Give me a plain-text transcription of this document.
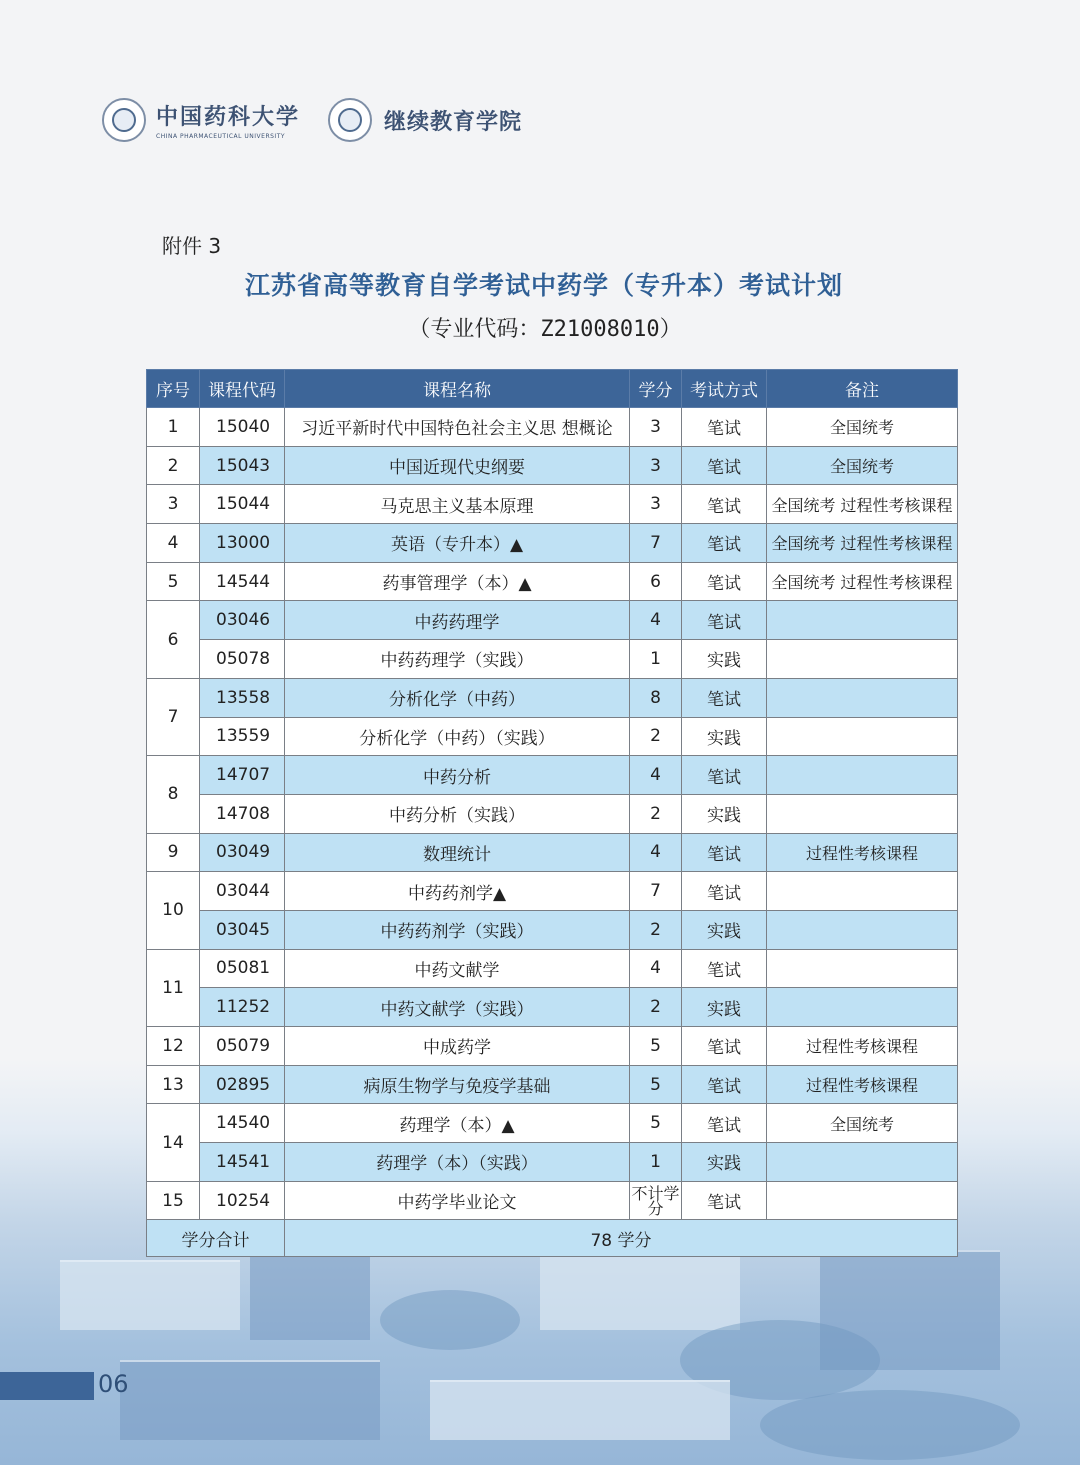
中国药科大学
CHINA PHARMACEUTICAL UNIVERSITY
继续教育学院
附件 3
江苏省高等教育自学考试中药学（专升本）考试计划
（专业代码：Z21008010）
序号	课程代码	课程名称	学分	考试方式	备注
1	15040	习近平新时代中国特色社会主义思 想概论	3	笔试	全国统考
2	15043	中国近现代史纲要	3	笔试	全国统考
3	15044	马克思主义基本原理	3	笔试	全国统考 过程性考核课程
4	13000	英语（专升本）▲	7	笔试	全国统考 过程性考核课程
5	14544	药事管理学（本）▲	6	笔试	全国统考 过程性考核课程
6	03046	中药药理学	4	笔试	
	05078	中药药理学（实践）	1	实践	
7	13558	分析化学（中药）	8	笔试	
	13559	分析化学（中药）（实践）	2	实践	
8	14707	中药分析	4	笔试	
	14708	中药分析（实践）	2	实践	
9	03049	数理统计	4	笔试	过程性考核课程
10	03044	中药药剂学▲	7	笔试	
	03045	中药药剂学（实践）	2	实践	
11	05081	中药文献学	4	笔试	
	11252	中药文献学（实践）	2	实践	
12	05079	中成药学	5	笔试	过程性考核课程
13	02895	病原生物学与免疫学基础	5	笔试	过程性考核课程
14	14540	药理学（本）▲	5	笔试	全国统考
	14541	药理学（本）（实践）	1	实践	
15	10254	中药学毕业论文	不计学分	笔试	
学分合计		78 学分			
06
